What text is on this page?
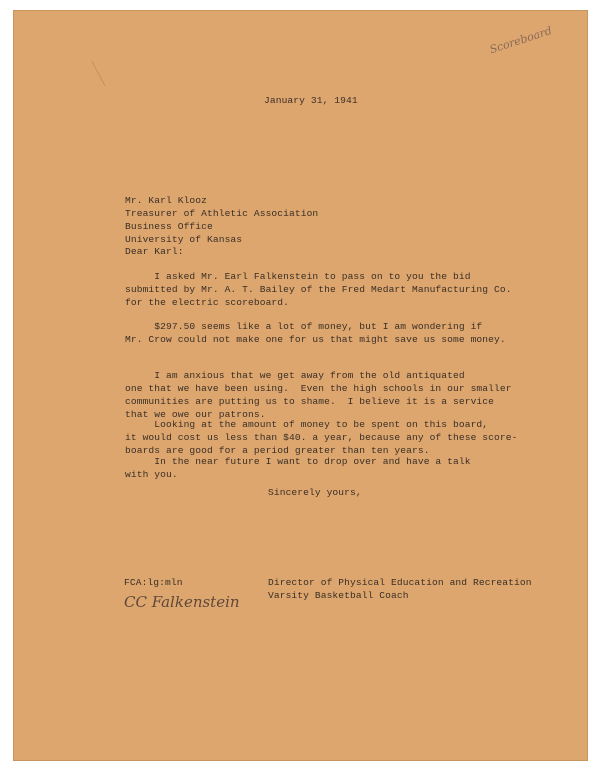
Scoreboard
January 31, 1941
Mr. Karl Klooz
Treasurer of Athletic Association
Business Office
University of Kansas
Dear Karl:
I asked Mr. Earl Falkenstein to pass on to you the bid
submitted by Mr. A. T. Bailey of the Fred Medart Manufacturing Co.
for the electric scoreboard.
$297.50 seems like a lot of money, but I am wondering if
Mr. Crow could not make one for us that might save us some money.
I am anxious that we get away from the old antiquated
one that we have been using.  Even the high schools in our smaller
communities are putting us to shame.  I believe it is a service
that we owe our patrons.
Looking at the amount of money to be spent on this board,
it would cost us less than $40. a year, because any of these score-
boards are good for a period greater than ten years.
In the near future I want to drop over and have a talk
with you.
Sincerely yours,
FCA:lg:mln	Director of Physical Education and Recreation
Varsity Basketball Coach
CC Falkenstein
